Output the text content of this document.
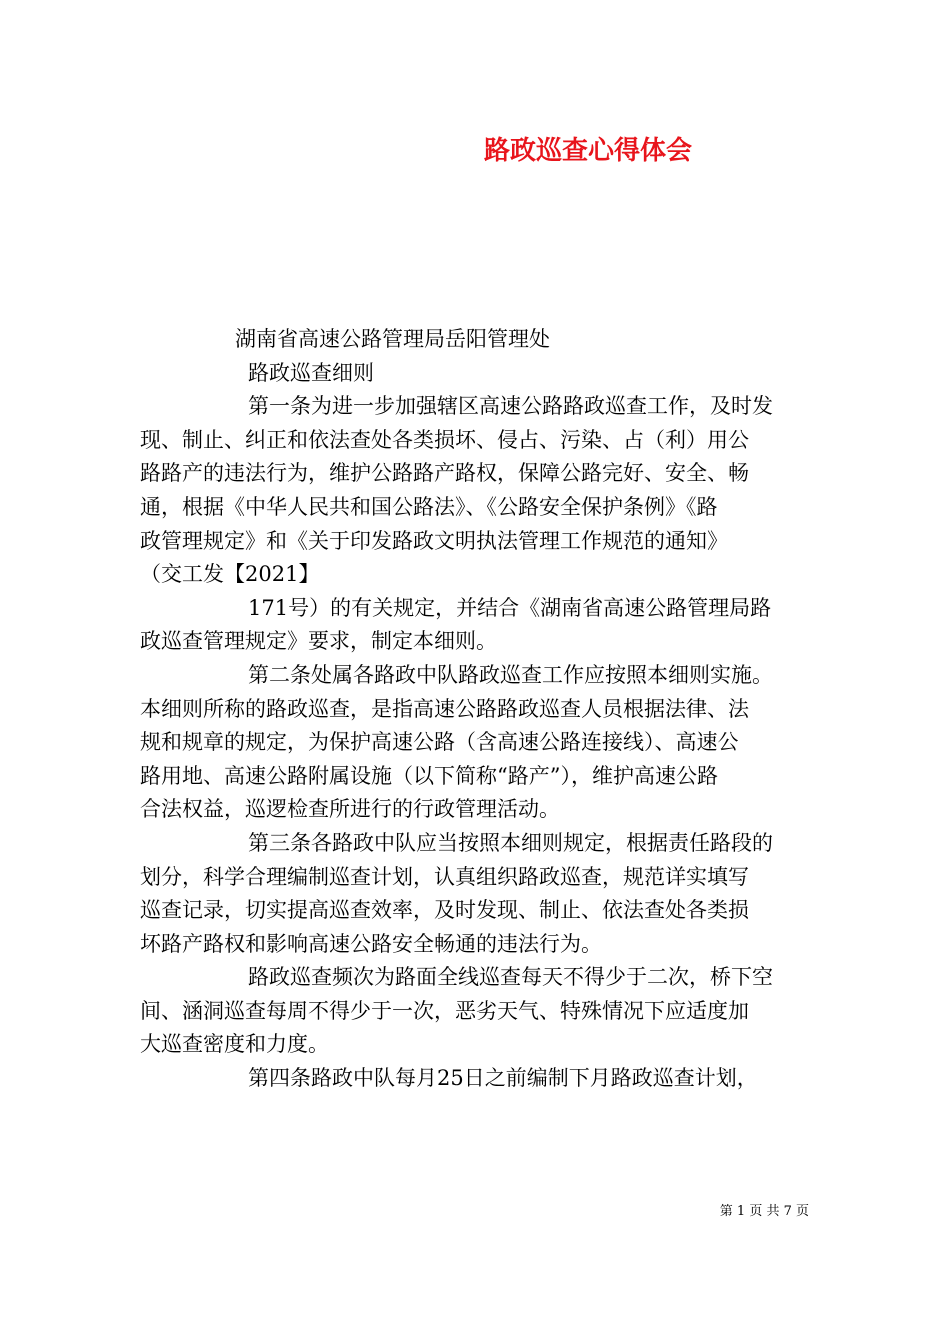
路政巡查心得体会

湖南省高速公路管理局岳阳管理处

路政巡查细则

第一条为进一步加强辖区高速公路路政巡查工作，及时发

现、制止、纠正和依法查处各类损坏、侵占、污染、占（利）用公

路路产的违法行为，维护公路路产路权，保障公路完好、安全、畅

通，根据《中华人民共和国公路法》、《公路安全保护条例》《路

政管理规定》和《关于印发路政文明执法管理工作规范的通知》

（交工发【2021】

171号）的有关规定，并结合《湖南省高速公路管理局路

政巡查管理规定》要求，制定本细则。

第二条处属各路政中队路政巡查工作应按照本细则实施。

本细则所称的路政巡查，是指高速公路路政巡查人员根据法律、法

规和规章的规定，为保护高速公路（含高速公路连接线）、高速公

路用地、高速公路附属设施（以下简称“路产”），维护高速公路

合法权益，巡逻检查所进行的行政管理活动。

第三条各路政中队应当按照本细则规定，根据责任路段的

划分，科学合理编制巡查计划，认真组织路政巡查，规范详实填写

巡查记录，切实提高巡查效率，及时发现、制止、依法查处各类损

坏路产路权和影响高速公路安全畅通的违法行为。

路政巡查频次为路面全线巡查每天不得少于二次，桥下空

间、涵洞巡查每周不得少于一次，恶劣天气、特殊情况下应适度加

大巡查密度和力度。

第四条路政中队每月25日之前编制下月路政巡查计划，

第 1 页 共 7 页
